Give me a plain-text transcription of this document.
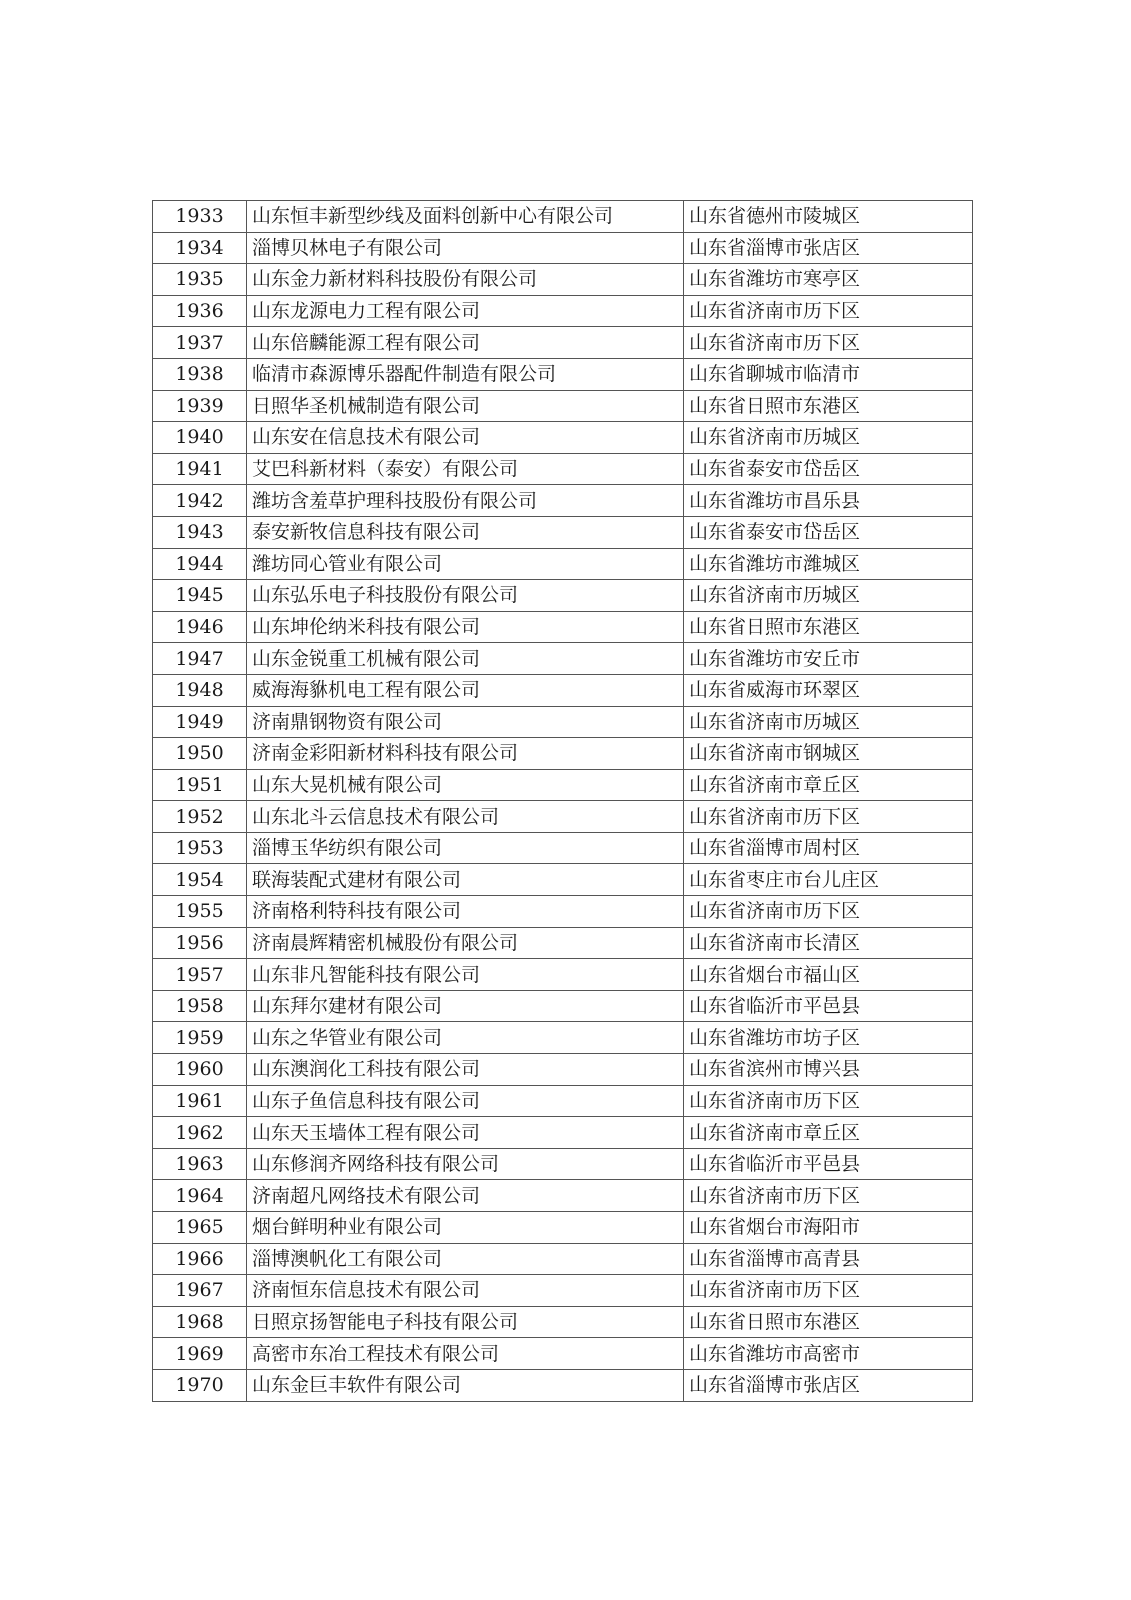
1933	山东恒丰新型纱线及面料创新中心有限公司	山东省德州市陵城区
1934	淄博贝林电子有限公司	山东省淄博市张店区
1935	山东金力新材料科技股份有限公司	山东省潍坊市寒亭区
1936	山东龙源电力工程有限公司	山东省济南市历下区
1937	山东倍麟能源工程有限公司	山东省济南市历下区
1938	临清市森源博乐器配件制造有限公司	山东省聊城市临清市
1939	日照华圣机械制造有限公司	山东省日照市东港区
1940	山东安在信息技术有限公司	山东省济南市历城区
1941	艾巴科新材料（泰安）有限公司	山东省泰安市岱岳区
1942	潍坊含羞草护理科技股份有限公司	山东省潍坊市昌乐县
1943	泰安新牧信息科技有限公司	山东省泰安市岱岳区
1944	潍坊同心管业有限公司	山东省潍坊市潍城区
1945	山东弘乐电子科技股份有限公司	山东省济南市历城区
1946	山东坤伦纳米科技有限公司	山东省日照市东港区
1947	山东金锐重工机械有限公司	山东省潍坊市安丘市
1948	威海海貅机电工程有限公司	山东省威海市环翠区
1949	济南鼎钢物资有限公司	山东省济南市历城区
1950	济南金彩阳新材料科技有限公司	山东省济南市钢城区
1951	山东大晃机械有限公司	山东省济南市章丘区
1952	山东北斗云信息技术有限公司	山东省济南市历下区
1953	淄博玉华纺织有限公司	山东省淄博市周村区
1954	联海装配式建材有限公司	山东省枣庄市台儿庄区
1955	济南格利特科技有限公司	山东省济南市历下区
1956	济南晨辉精密机械股份有限公司	山东省济南市长清区
1957	山东非凡智能科技有限公司	山东省烟台市福山区
1958	山东拜尔建材有限公司	山东省临沂市平邑县
1959	山东之华管业有限公司	山东省潍坊市坊子区
1960	山东澳润化工科技有限公司	山东省滨州市博兴县
1961	山东子鱼信息科技有限公司	山东省济南市历下区
1962	山东天玉墙体工程有限公司	山东省济南市章丘区
1963	山东修润齐网络科技有限公司	山东省临沂市平邑县
1964	济南超凡网络技术有限公司	山东省济南市历下区
1965	烟台鲜明种业有限公司	山东省烟台市海阳市
1966	淄博澳帆化工有限公司	山东省淄博市高青县
1967	济南恒东信息技术有限公司	山东省济南市历下区
1968	日照京扬智能电子科技有限公司	山东省日照市东港区
1969	高密市东冶工程技术有限公司	山东省潍坊市高密市
1970	山东金巨丰软件有限公司	山东省淄博市张店区
